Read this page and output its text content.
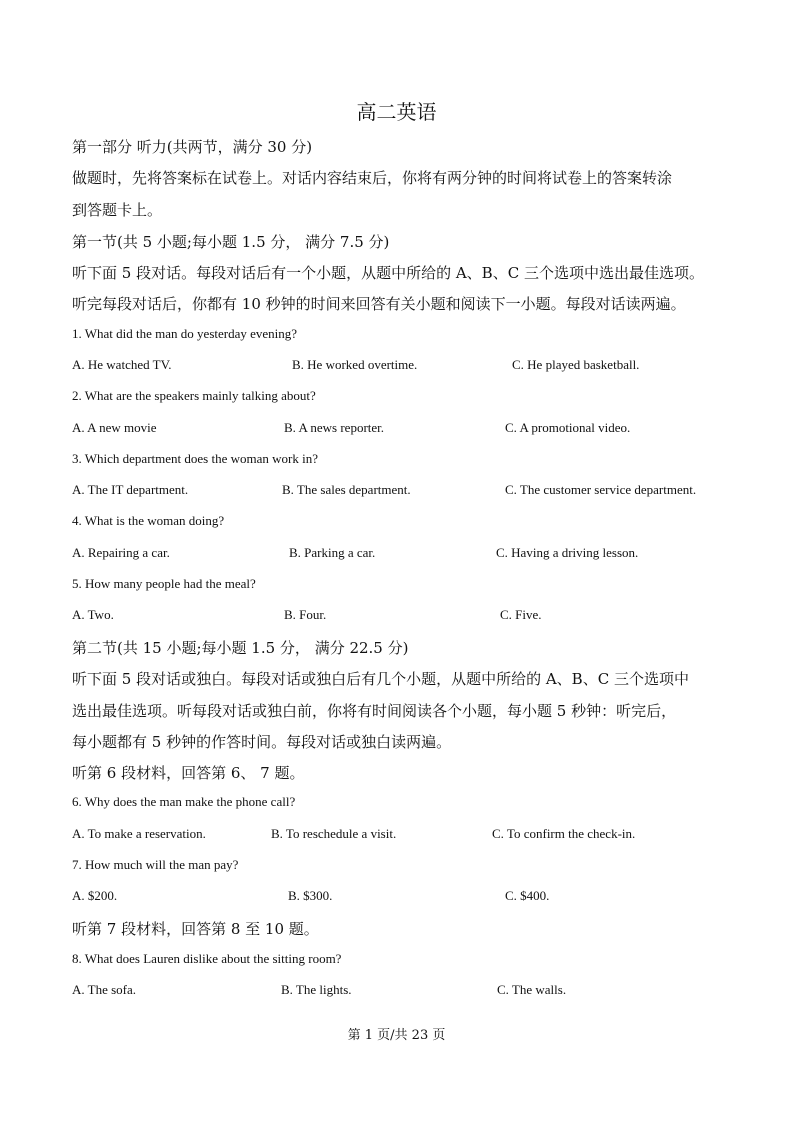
高二英语
第一部分 听力(共两节，满分 30 分)
做题时，先将答案标在试卷上。对话内容结束后，你将有两分钟的时间将试卷上的答案转涂
到答题卡上。
第一节(共 5 小题;每小题 1.5 分， 满分 7.5 分)
听下面 5 段对话。每段对话后有一个小题，从题中所给的 A、B、C 三个选项中选出最佳选项。
听完每段对话后，你都有 10 秒钟的时间来回答有关小题和阅读下一小题。每段对话读两遍。
1. What did the man do yesterday evening?
A. He watched TV.	B. He worked overtime.	C. He played basketball.
2. What are the speakers mainly talking about?
A. A new movie	B. A news reporter.	C. A promotional video.
3. Which department does the woman work in?
A. The IT department.	B. The sales department.	C. The customer service department.
4. What is the woman doing?
A. Repairing a car.	B. Parking a car.	C. Having a driving lesson.
5. How many people had the meal?
A. Two.	B. Four.	C. Five.
第二节(共 15 小题;每小题 1.5 分， 满分 22.5 分)
听下面 5 段对话或独白。每段对话或独白后有几个小题，从题中所给的 A、B、C 三个选项中
选出最佳选项。听每段对话或独白前，你将有时间阅读各个小题，每小题 5 秒钟：听完后，
每小题都有 5 秒钟的作答时间。每段对话或独白读两遍。
听第 6 段材料，回答第 6、 7 题。
6. Why does the man make the phone call?
A. To make a reservation.	B. To reschedule a visit.	C. To confirm the check-in.
7. How much will the man pay?
A. $200.	B. $300.	C. $400.
听第 7 段材料，回答第 8 至 10 题。
8. What does Lauren dislike about the sitting room?
A. The sofa.	B. The lights.	C. The walls.
第 1 页/共 23 页
